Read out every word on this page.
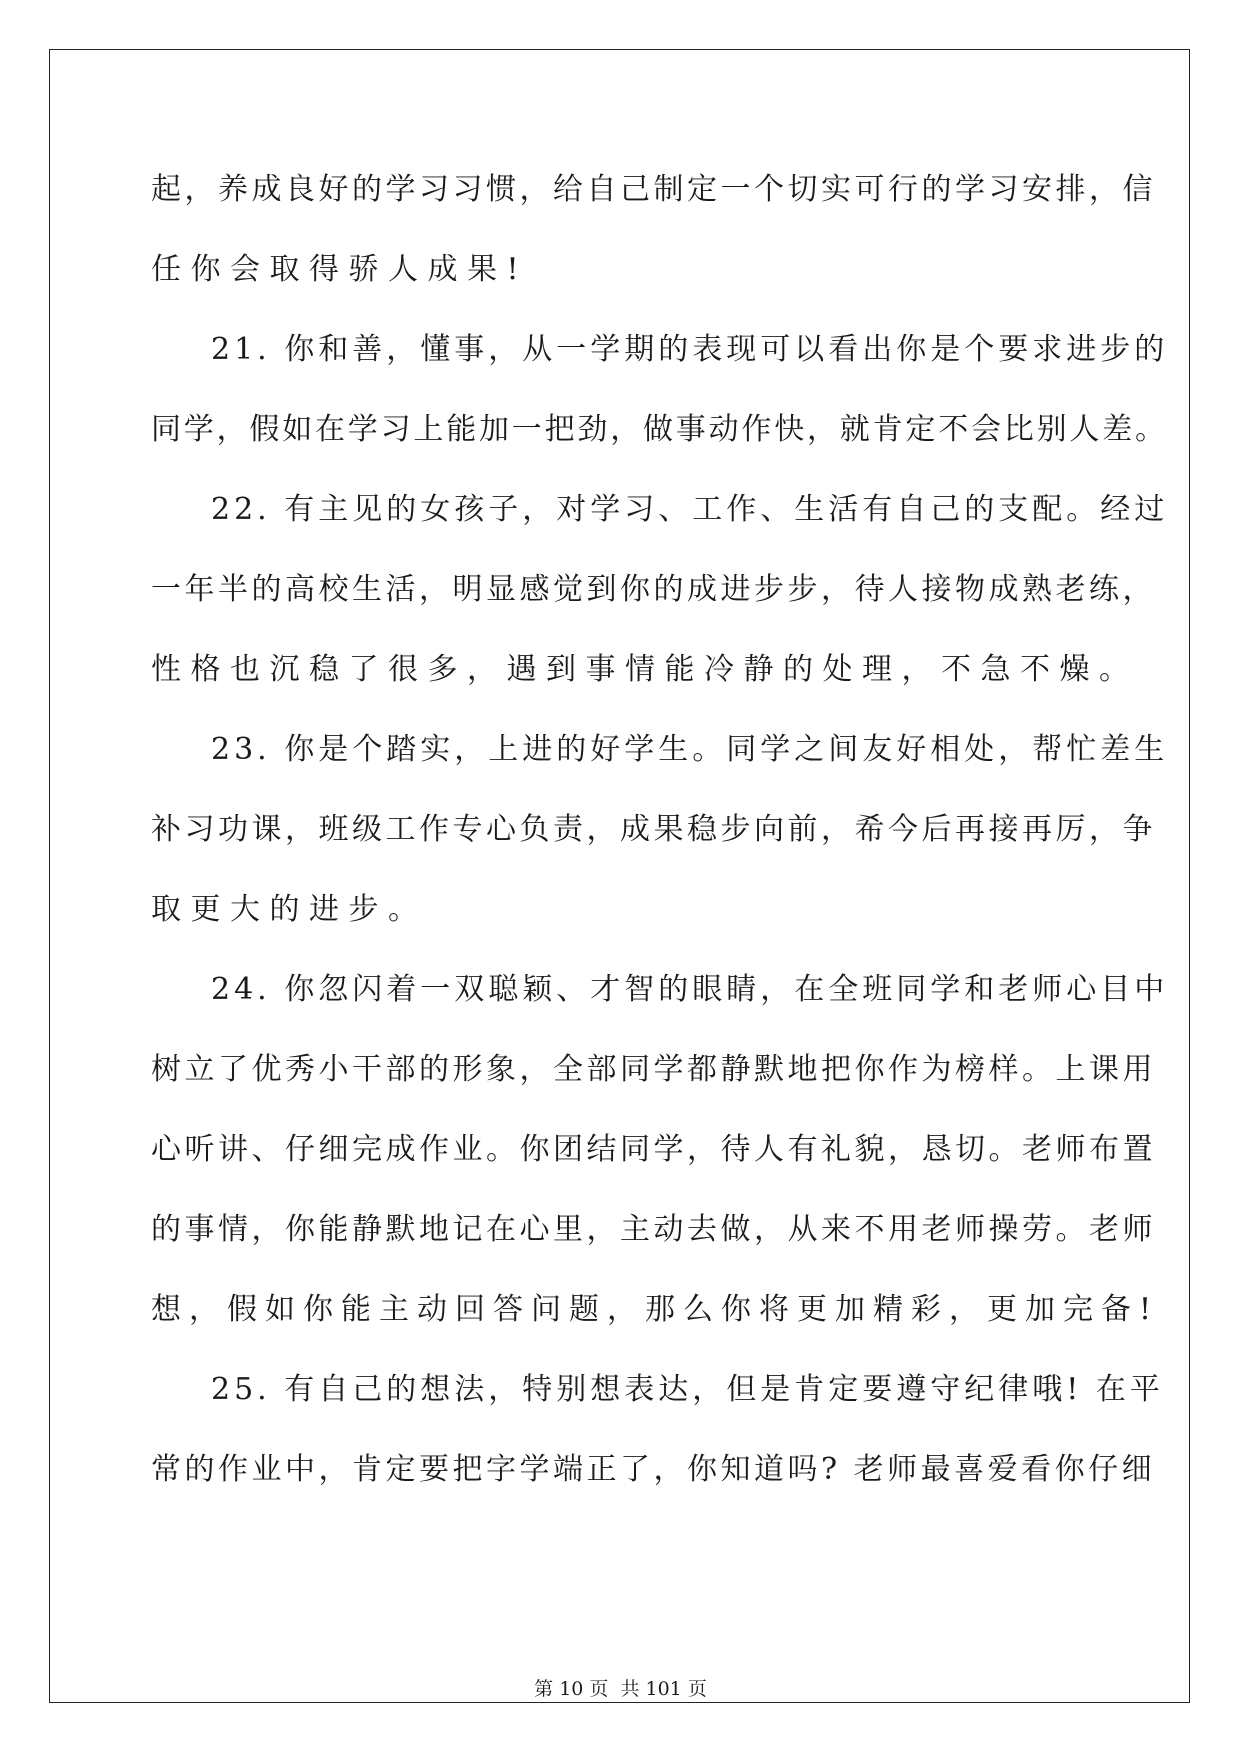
起，养成良好的学习习惯，给自己制定一个切实可行的学习安排，信
任你会取得骄人成果!
21. 你和善，懂事，从一学期的表现可以看出你是个要求进步的
同学，假如在学习上能加一把劲，做事动作快，就肯定不会比别人差。
22. 有主见的女孩子，对学习、工作、生活有自己的支配。经过
一年半的高校生活，明显感觉到你的成进步步，待人接物成熟老练，
性格也沉稳了很多，遇到事情能冷静的处理，不急不燥。
23. 你是个踏实，上进的好学生。同学之间友好相处，帮忙差生
补习功课，班级工作专心负责，成果稳步向前，希今后再接再厉，争
取更大的进步。
24. 你忽闪着一双聪颖、才智的眼睛，在全班同学和老师心目中
树立了优秀小干部的形象，全部同学都静默地把你作为榜样。上课用
心听讲、仔细完成作业。你团结同学，待人有礼貌，恳切。老师布置
的事情，你能静默地记在心里，主动去做，从来不用老师操劳。老师
想，假如你能主动回答问题，那么你将更加精彩，更加完备!
25. 有自己的想法，特别想表达，但是肯定要遵守纪律哦! 在平
常的作业中，肯定要把字学端正了，你知道吗? 老师最喜爱看你仔细
第 10 页 共 101 页
